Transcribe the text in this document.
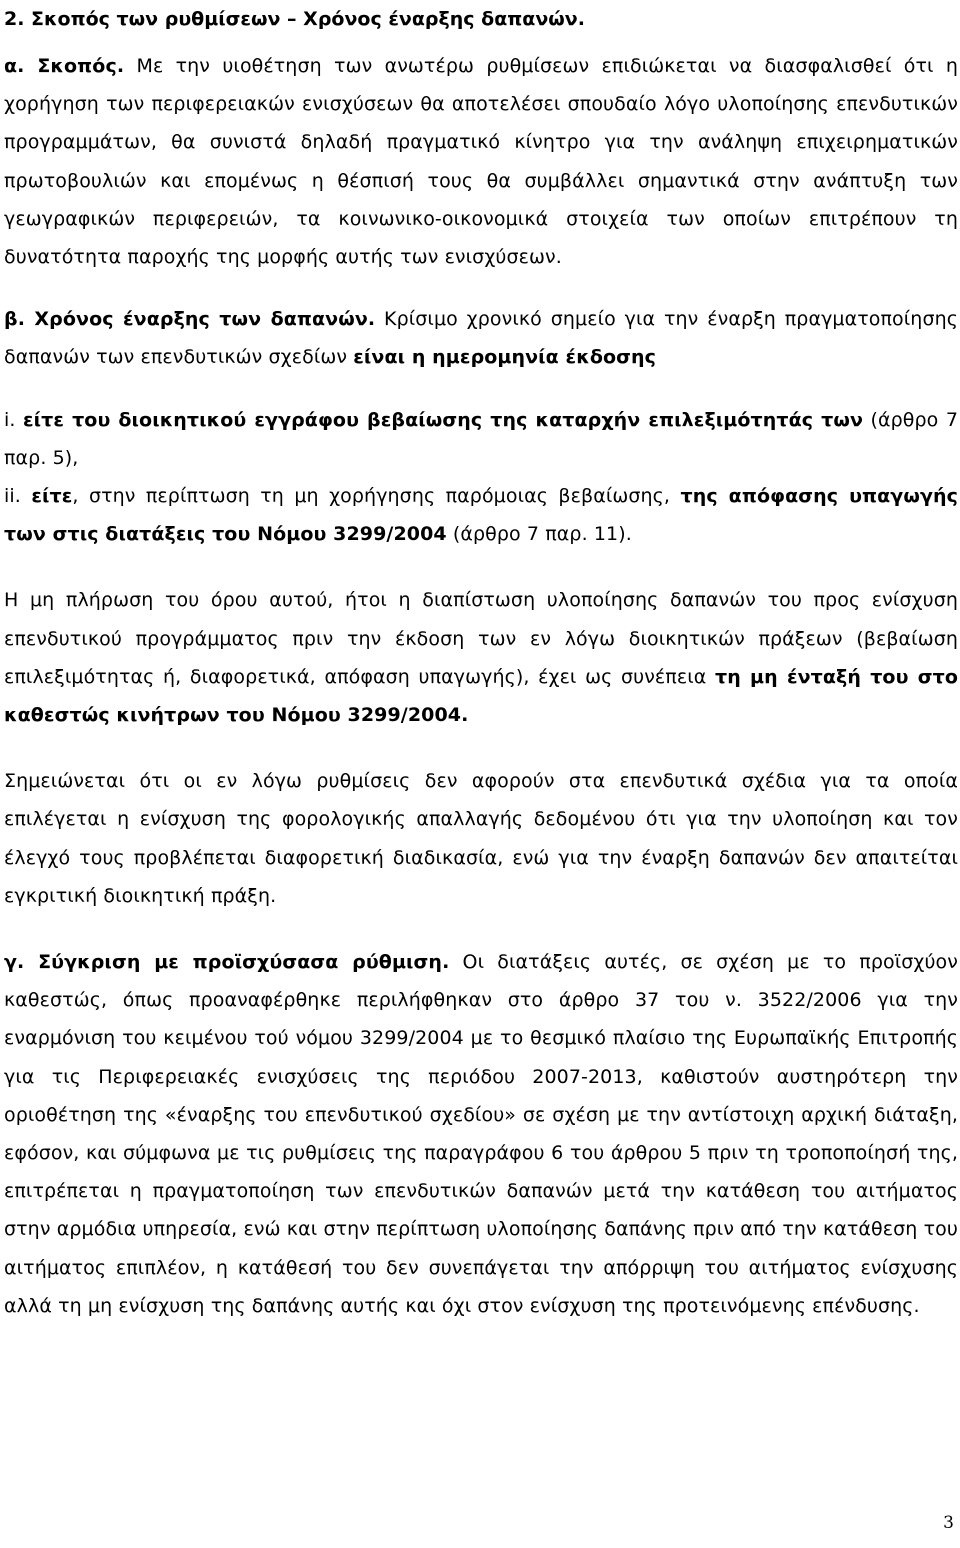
2. Σκοπός των ρυθμίσεων – Χρόνος έναρξης δαπανών.

α. Σκοπός. Με την υιοθέτηση των ανωτέρω ρυθμίσεων επιδιώκεται να διασφαλισθεί ότι η χορήγηση των περιφερειακών ενισχύσεων θα αποτελέσει σπουδαίο λόγο υλοποίησης επενδυτικών προγραμμάτων, θα συνιστά δηλαδή πραγματικό κίνητρο για την ανάληψη επιχειρηματικών πρωτοβουλιών και επομένως η θέσπισή τους θα συμβάλλει σημαντικά στην ανάπτυξη των γεωγραφικών περιφερειών, τα κοινωνικο-οικονομικά στοιχεία των οποίων επιτρέπουν τη δυνατότητα παροχής της μορφής αυτής των ενισχύσεων.

β. Χρόνος έναρξης των δαπανών. Κρίσιμο χρονικό σημείο για την έναρξη πραγματοποίησης δαπανών των επενδυτικών σχεδίων είναι η ημερομηνία έκδοσης

i. είτε του διοικητικού εγγράφου βεβαίωσης της καταρχήν επιλεξιμότητάς των (άρθρο 7 παρ. 5),

ii. είτε, στην περίπτωση τη μη χορήγησης παρόμοιας βεβαίωσης, της απόφασης υπαγωγής των στις διατάξεις του Νόμου 3299/2004 (άρθρο 7 παρ. 11).

Η μη πλήρωση του όρου αυτού, ήτοι η διαπίστωση υλοποίησης δαπανών του προς ενίσχυση επενδυτικού προγράμματος πριν την έκδοση των εν λόγω διοικητικών πράξεων (βεβαίωση επιλεξιμότητας ή, διαφορετικά, απόφαση υπαγωγής), έχει ως συνέπεια τη μη ένταξή του στο καθεστώς κινήτρων του Νόμου 3299/2004.

Σημειώνεται ότι οι εν λόγω ρυθμίσεις δεν αφορούν στα επενδυτικά σχέδια για τα οποία επιλέγεται η ενίσχυση της φορολογικής απαλλαγής δεδομένου ότι για την υλοποίηση και τον έλεγχό τους προβλέπεται διαφορετική διαδικασία, ενώ για την έναρξη δαπανών δεν απαιτείται εγκριτική διοικητική πράξη.

γ. Σύγκριση με προϊσχύσασα ρύθμιση. Οι διατάξεις αυτές, σε σχέση με το προϊσχύον καθεστώς, όπως προαναφέρθηκε περιλήφθηκαν στο άρθρο 37 του ν. 3522/2006 για την εναρμόνιση του κειμένου τού νόμου 3299/2004 με το θεσμικό πλαίσιο της Ευρωπαϊκής Επιτροπής για τις Περιφερειακές ενισχύσεις της περιόδου 2007-2013, καθιστούν αυστηρότερη την οριοθέτηση της «έναρξης του επενδυτικού σχεδίου» σε σχέση με την αντίστοιχη αρχική διάταξη, εφόσον, και σύμφωνα με τις ρυθμίσεις της παραγράφου 6 του άρθρου 5 πριν τη τροποποίησή της, επιτρέπεται η πραγματοποίηση των επενδυτικών δαπανών μετά την κατάθεση του αιτήματος στην αρμόδια υπηρεσία, ενώ και στην περίπτωση υλοποίησης δαπάνης πριν από την κατάθεση του αιτήματος επιπλέον, η κατάθεσή του δεν συνεπάγεται την απόρριψη του αιτήματος ενίσχυσης αλλά τη μη ενίσχυση της δαπάνης αυτής και όχι στον ενίσχυση της προτεινόμενης επένδυσης.

3
